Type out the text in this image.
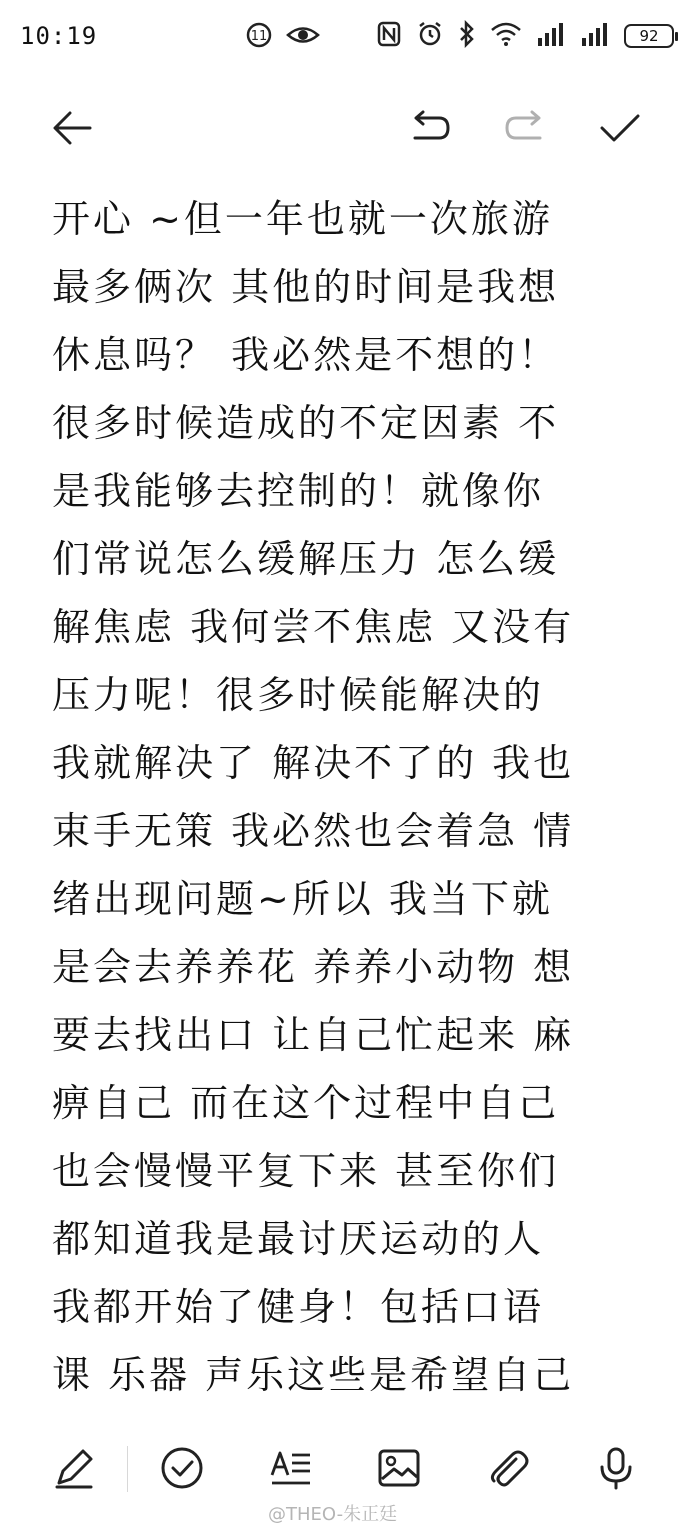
10:19	11	92
开心 ~但一年也就一次旅游
最多俩次 其他的时间是我想
休息吗？ 我必然是不想的！
很多时候造成的不定因素 不
是我能够去控制的！就像你
们常说怎么缓解压力 怎么缓
解焦虑 我何尝不焦虑 又没有
压力呢！很多时候能解决的
我就解决了 解决不了的 我也
束手无策 我必然也会着急 情
绪出现问题~所以 我当下就
是会去养养花 养养小动物 想
要去找出口 让自己忙起来 麻
痹自己 而在这个过程中自己
也会慢慢平复下来 甚至你们
都知道我是最讨厌运动的人
我都开始了健身！包括口语
课 乐器 声乐这些是希望自己
@THEO-朱正廷
